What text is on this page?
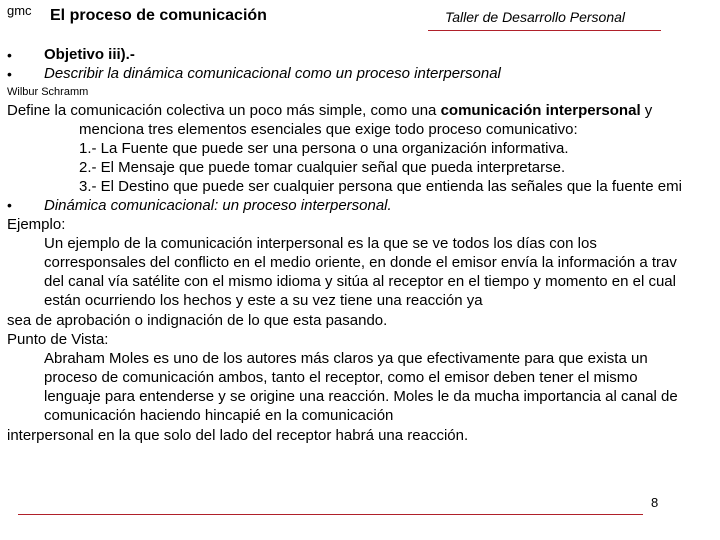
gmc El proceso de comunicación	Taller de Desarrollo Personal
• Objetivo iii).-
• Describir la dinámica comunicacional como un proceso interpersonal
Wilbur Schramm
Define la comunicación colectiva un poco más simple, como una comunicación interpersonal y
menciona tres elementos esenciales que exige todo proceso comunicativo:
1.- La Fuente que puede ser una persona o una organización informativa.
2.- El Mensaje que puede tomar cualquier señal que pueda interpretarse.
3.- El Destino que puede ser cualquier persona que entienda las señales que la fuente emi
• Dinámica comunicacional: un proceso interpersonal.
Ejemplo:
Un ejemplo de la comunicación interpersonal es la que se ve todos los días con los
corresponsales del conflicto en el medio oriente, en donde el emisor envía la información a trav
del canal vía satélite con el mismo idioma y sitúa al receptor en el tiempo y momento en el cual
están ocurriendo los hechos y este a su vez tiene una reacción ya
sea de aprobación o indignación de lo que esta pasando.
Punto de Vista:
Abraham Moles es uno de los autores más claros ya que efectivamente para que exista un
proceso de comunicación ambos, tanto el receptor, como el emisor deben tener el mismo
lenguaje para entenderse y se origine una reacción. Moles le da mucha importancia al canal de
comunicación haciendo hincapié en la comunicación
interpersonal en la que solo del lado del receptor habrá una reacción.
8
